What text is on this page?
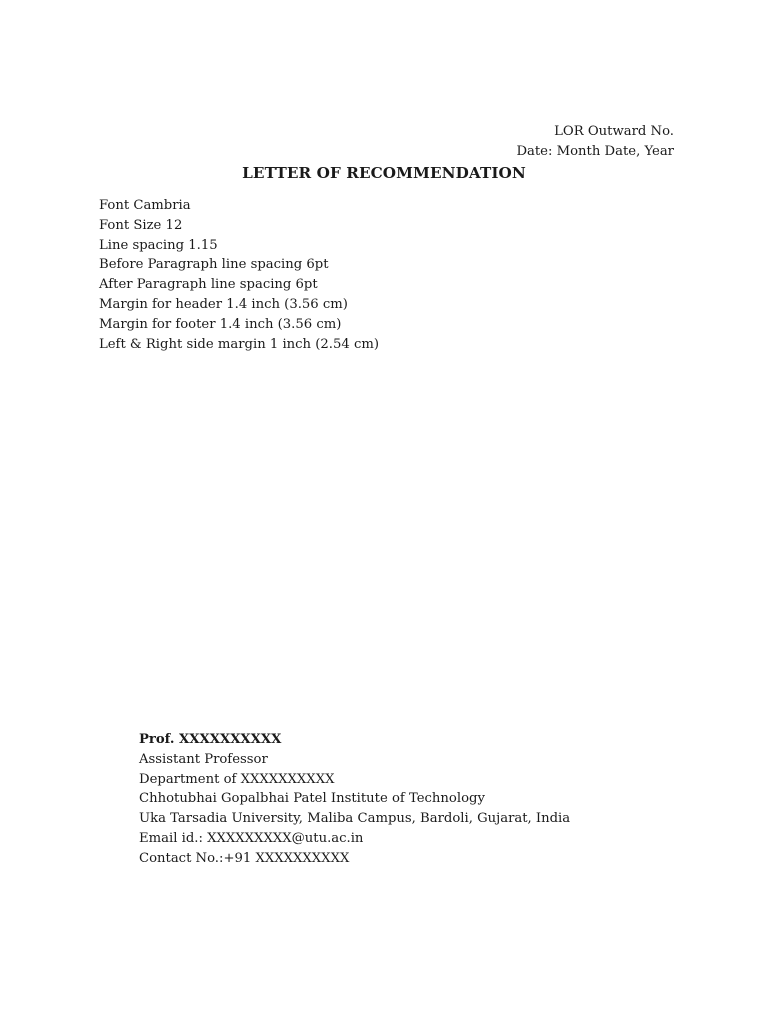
LOR Outward No.
Date: Month Date, Year
LETTER OF RECOMMENDATION
Font Cambria
Font Size 12
Line spacing 1.15
Before Paragraph line spacing 6pt
After Paragraph line spacing 6pt
Margin for header 1.4 inch (3.56 cm)
Margin for footer 1.4 inch (3.56 cm)
Left & Right side margin 1 inch (2.54 cm)
Prof. XXXXXXXXXX
Assistant Professor
Department of XXXXXXXXXX
Chhotubhai Gopalbhai Patel Institute of Technology
Uka Tarsadia University, Maliba Campus, Bardoli, Gujarat, India
Email id.: XXXXXXXXX@utu.ac.in
Contact No.:+91 XXXXXXXXXX
